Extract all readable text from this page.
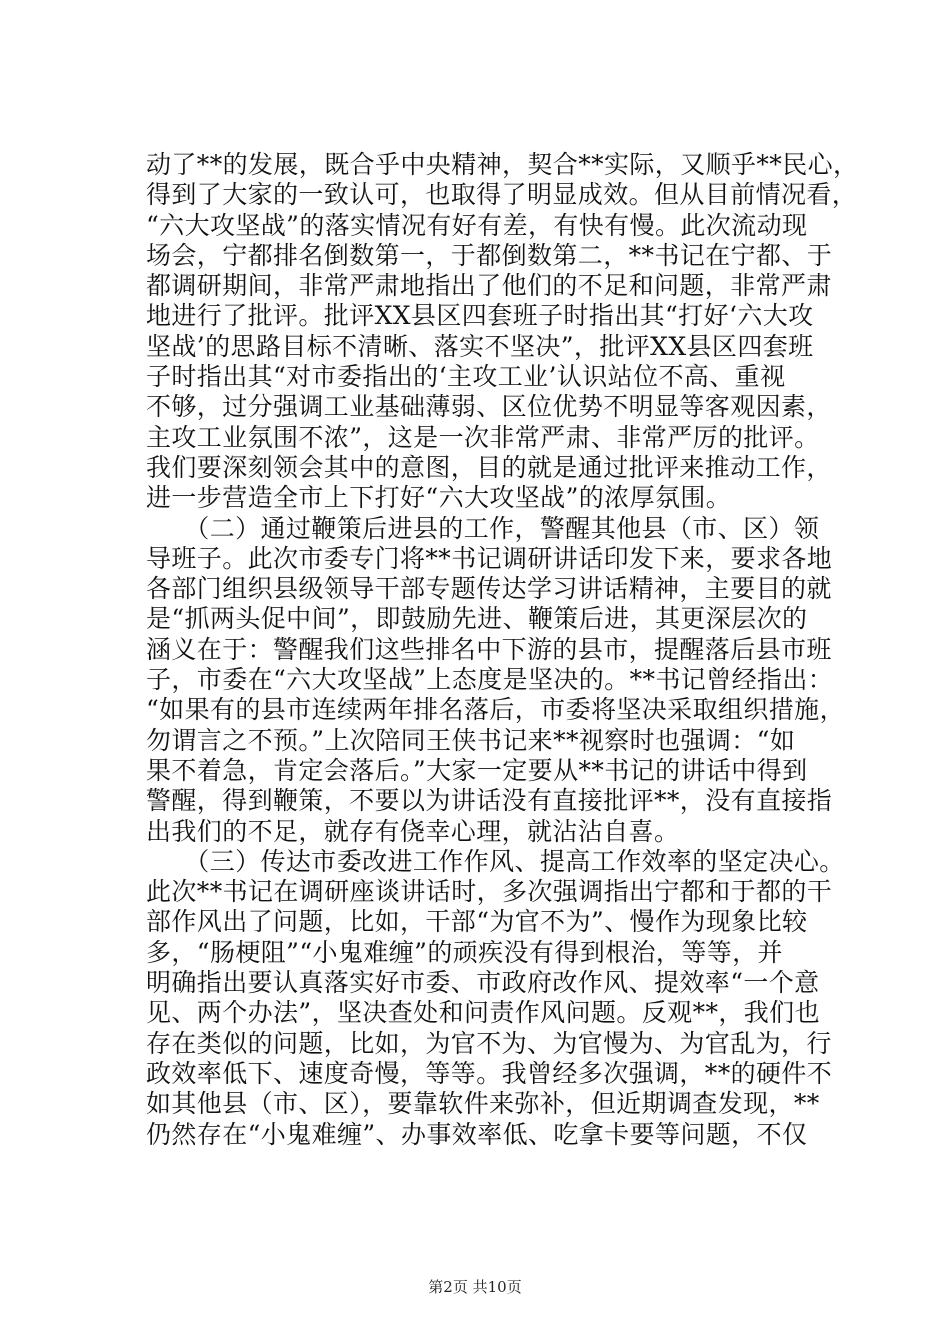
动了**的发展，既合乎中央精神，契合**实际，又顺乎**民心，
得到了大家的一致认可，也取得了明显成效。但从目前情况看，
“六大攻坚战”的落实情况有好有差，有快有慢。此次流动现
场会，宁都排名倒数第一，于都倒数第二，**书记在宁都、于
都调研期间，非常严肃地指出了他们的不足和问题，非常严肃
地进行了批评。批评XX县区四套班子时指出其“打好‘六大攻
坚战’的思路目标不清晰、落实不坚决”，批评XX县区四套班
子时指出其“对市委指出的‘主攻工业’认识站位不高、重视
不够，过分强调工业基础薄弱、区位优势不明显等客观因素，
主攻工业氛围不浓”，这是一次非常严肃、非常严厉的批评。
我们要深刻领会其中的意图，目的就是通过批评来推动工作，
进一步营造全市上下打好“六大攻坚战”的浓厚氛围。
　　（二）通过鞭策后进县的工作，警醒其他县（市、区）领
导班子。此次市委专门将**书记调研讲话印发下来，要求各地
各部门组织县级领导干部专题传达学习讲话精神，主要目的就
是“抓两头促中间”，即鼓励先进、鞭策后进，其更深层次的
涵义在于：警醒我们这些排名中下游的县市，提醒落后县市班
子，市委在“六大攻坚战”上态度是坚决的。**书记曾经指出：
“如果有的县市连续两年排名落后，市委将坚决采取组织措施，
勿谓言之不预。”上次陪同王侠书记来**视察时也强调：“如
果不着急，肯定会落后。”大家一定要从**书记的讲话中得到
警醒，得到鞭策，不要以为讲话没有直接批评**，没有直接指
出我们的不足，就存有侥幸心理，就沾沾自喜。
　　（三）传达市委改进工作作风、提高工作效率的坚定决心。
此次**书记在调研座谈讲话时，多次强调指出宁都和于都的干
部作风出了问题，比如，干部“为官不为”、慢作为现象比较
多，“肠梗阻”“小鬼难缠”的顽疾没有得到根治，等等，并
明确指出要认真落实好市委、市政府改作风、提效率“一个意
见、两个办法”，坚决查处和问责作风问题。反观**，我们也
存在类似的问题，比如，为官不为、为官慢为、为官乱为，行
政效率低下、速度奇慢，等等。我曾经多次强调，**的硬件不
如其他县（市、区），要靠软件来弥补，但近期调查发现，**
仍然存在“小鬼难缠”、办事效率低、吃拿卡要等问题，不仅
第2页 共10页
